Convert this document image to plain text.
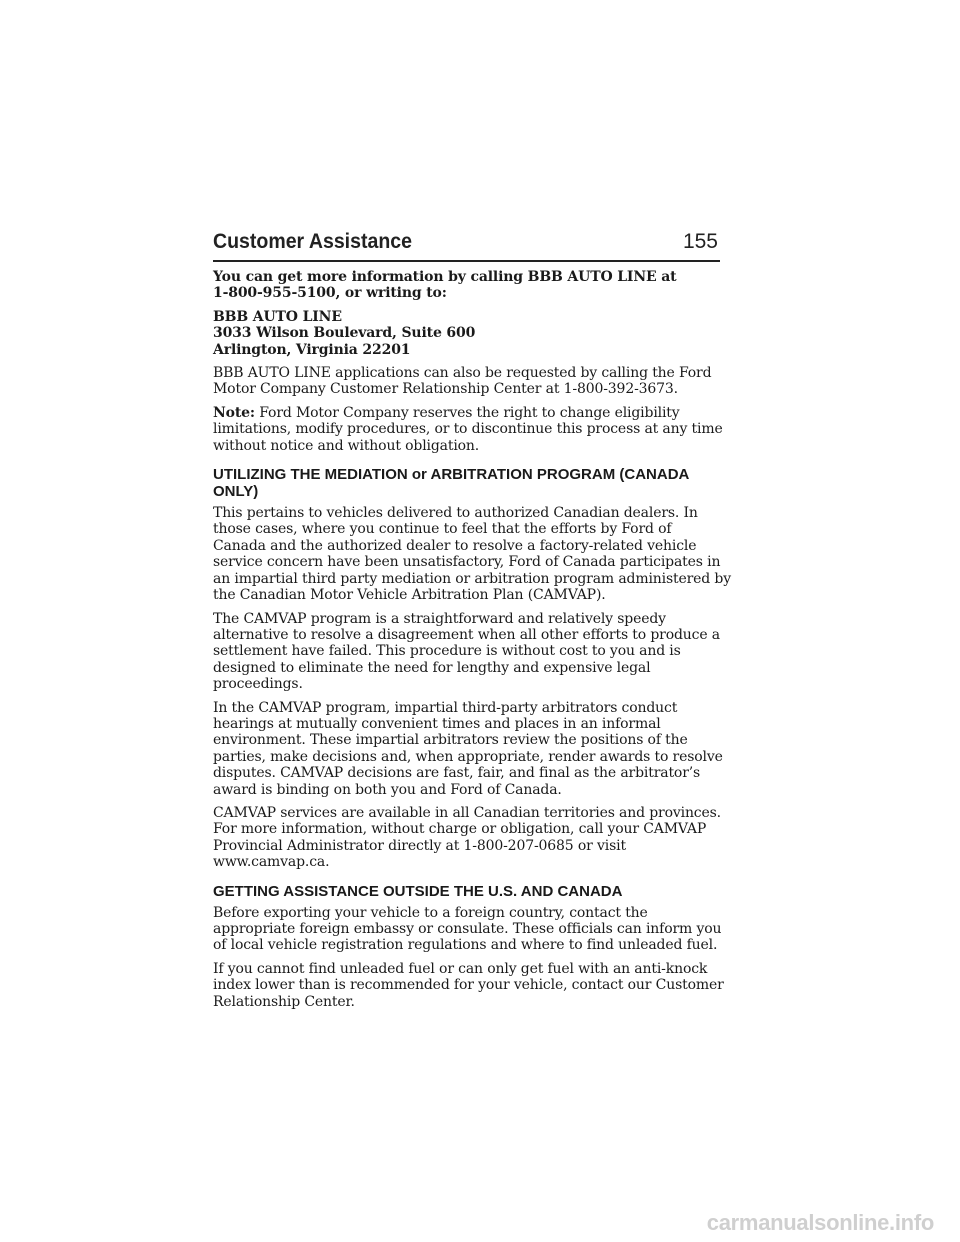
Customer Assistance	155

You can get more information by calling BBB AUTO LINE at
1-800-955-5100, or writing to:

BBB AUTO LINE
3033 Wilson Boulevard, Suite 600
Arlington, Virginia 22201

BBB AUTO LINE applications can also be requested by calling the Ford
Motor Company Customer Relationship Center at 1-800-392-3673.

Note: Ford Motor Company reserves the right to change eligibility
limitations, modify procedures, or to discontinue this process at any time
without notice and without obligation.

UTILIZING THE MEDIATION or ARBITRATION PROGRAM (CANADA
ONLY)

This pertains to vehicles delivered to authorized Canadian dealers. In
those cases, where you continue to feel that the efforts by Ford of
Canada and the authorized dealer to resolve a factory-related vehicle
service concern have been unsatisfactory, Ford of Canada participates in
an impartial third party mediation or arbitration program administered by
the Canadian Motor Vehicle Arbitration Plan (CAMVAP).

The CAMVAP program is a straightforward and relatively speedy
alternative to resolve a disagreement when all other efforts to produce a
settlement have failed. This procedure is without cost to you and is
designed to eliminate the need for lengthy and expensive legal
proceedings.

In the CAMVAP program, impartial third-party arbitrators conduct
hearings at mutually convenient times and places in an informal
environment. These impartial arbitrators review the positions of the
parties, make decisions and, when appropriate, render awards to resolve
disputes. CAMVAP decisions are fast, fair, and final as the arbitrator’s
award is binding on both you and Ford of Canada.

CAMVAP services are available in all Canadian territories and provinces.
For more information, without charge or obligation, call your CAMVAP
Provincial Administrator directly at 1-800-207-0685 or visit
www.camvap.ca.

GETTING ASSISTANCE OUTSIDE THE U.S. AND CANADA

Before exporting your vehicle to a foreign country, contact the
appropriate foreign embassy or consulate. These officials can inform you
of local vehicle registration regulations and where to find unleaded fuel.

If you cannot find unleaded fuel or can only get fuel with an anti-knock
index lower than is recommended for your vehicle, contact our Customer
Relationship Center.

carmanualsonline.info
